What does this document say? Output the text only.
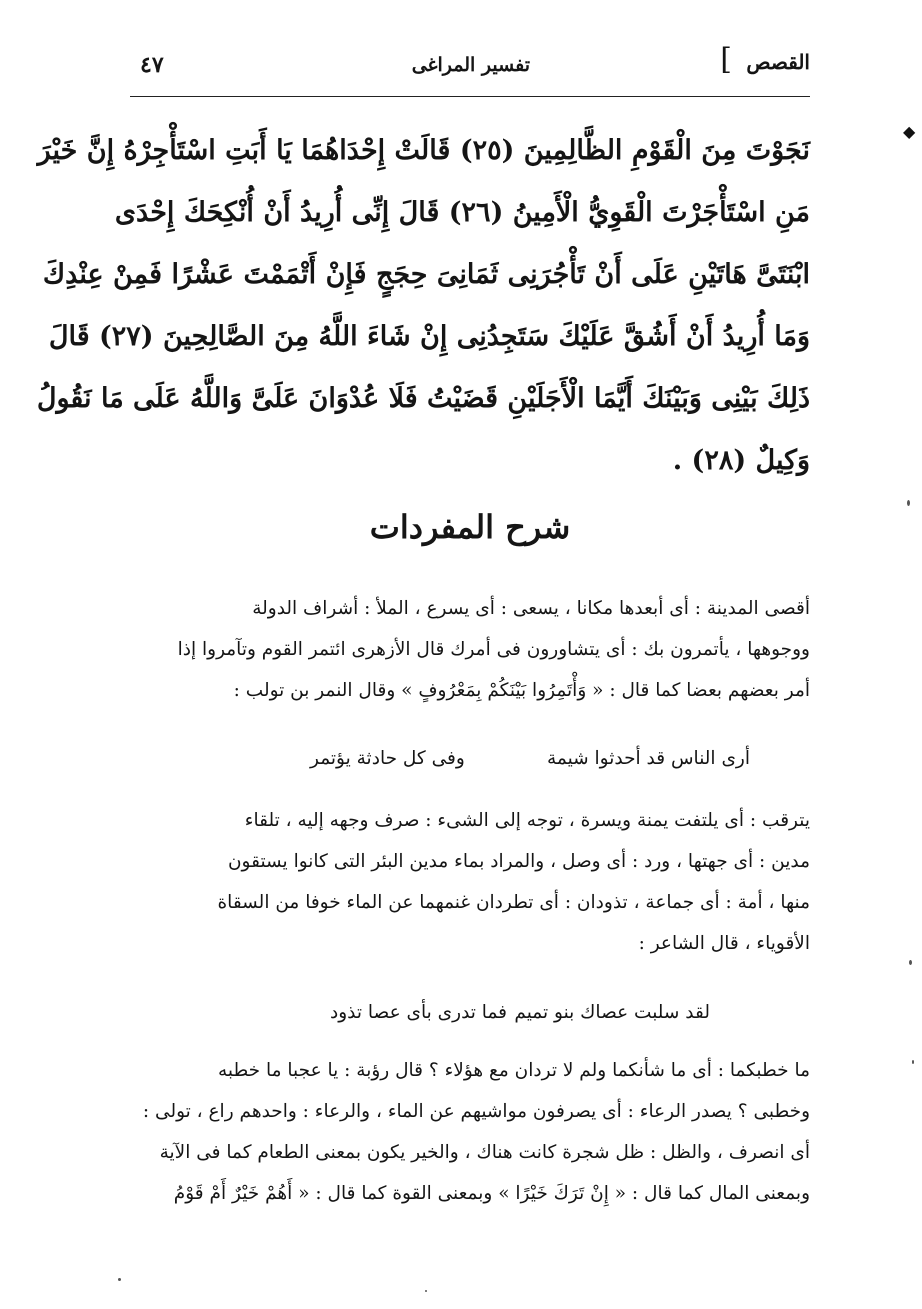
القصص
]
تفسير المراغى
٤٧
نَجَوْتَ مِنَ الْقَوْمِ الظَّالِمِينَ (٢٥) قَالَتْ إِحْدَاهُمَا يَا أَبَتِ اسْتَأْجِرْهُ إِنَّ خَيْرَ
مَنِ اسْتَأْجَرْتَ الْقَوِيُّ الْأَمِينُ (٢٦) قَالَ إِنِّى أُرِيدُ أَنْ أُنْكِحَكَ إِحْدَى
ابْنَتَىَّ هَاتَيْنِ عَلَى أَنْ تَأْجُرَنِى ثَمَانِىَ حِجَجٍ فَإِنْ أَتْمَمْتَ عَشْرًا فَمِنْ عِنْدِكَ
وَمَا أُرِيدُ أَنْ أَشُقَّ عَلَيْكَ سَتَجِدُنِى إِنْ شَاءَ اللَّهُ مِنَ الصَّالِحِينَ (٢٧) قَالَ
ذَلِكَ بَيْنِى وَبَيْنَكَ أَيَّمَا الْأَجَلَيْنِ قَضَيْتُ فَلَا عُدْوَانَ عَلَىَّ وَاللَّهُ عَلَى مَا نَقُولُ
وَكِيلٌ (٢٨) .
شرح المفردات
أقصى المدينة : أى أبعدها مكانا ، يسعى : أى يسرع ، الملأ : أشراف الدولة
ووجوهها ، يأتمرون بك : أى يتشاورون فى أمرك قال الأزهرى ائتمر القوم وتآمروا إذا
أمر بعضهم بعضا كما قال : « وَأْتَمِرُوا بَيْنَكُمْ بِمَعْرُوفٍ » وقال النمر بن تولب :
أرى الناس قد أحدثوا شيمة
وفى كل حادثة يؤتمر
يترقب : أى يلتفت يمنة ويسرة ، توجه إلى الشىء : صرف وجهه إليه ، تلقاء
مدين : أى جهتها ، ورد : أى وصل ، والمراد بماء مدين البئر التى كانوا يستقون
منها ، أمة : أى جماعة ، تذودان : أى تطردان غنمهما عن الماء خوفا من السقاة
الأقوياء ، قال الشاعر :
لقد سلبت عصاك بنو تميم
فما تدرى بأى عصا تذود
ما خطبكما : أى ما شأنكما ولم لا تردان مع هؤلاء ؟ قال رؤبة : يا عجبا ما خطبه
وخطبى ؟ يصدر الرعاء : أى يصرفون مواشيهم عن الماء ، والرعاء : واحدهم راع ، تولى :
أى انصرف ، والظل : ظل شجرة كانت هناك ، والخير يكون بمعنى الطعام كما فى الآية
وبمعنى المال كما قال : « إِنْ تَرَكَ خَيْرًا » وبمعنى القوة كما قال : « أَهُمْ خَيْرٌ أَمْ قَوْمُ
◆
